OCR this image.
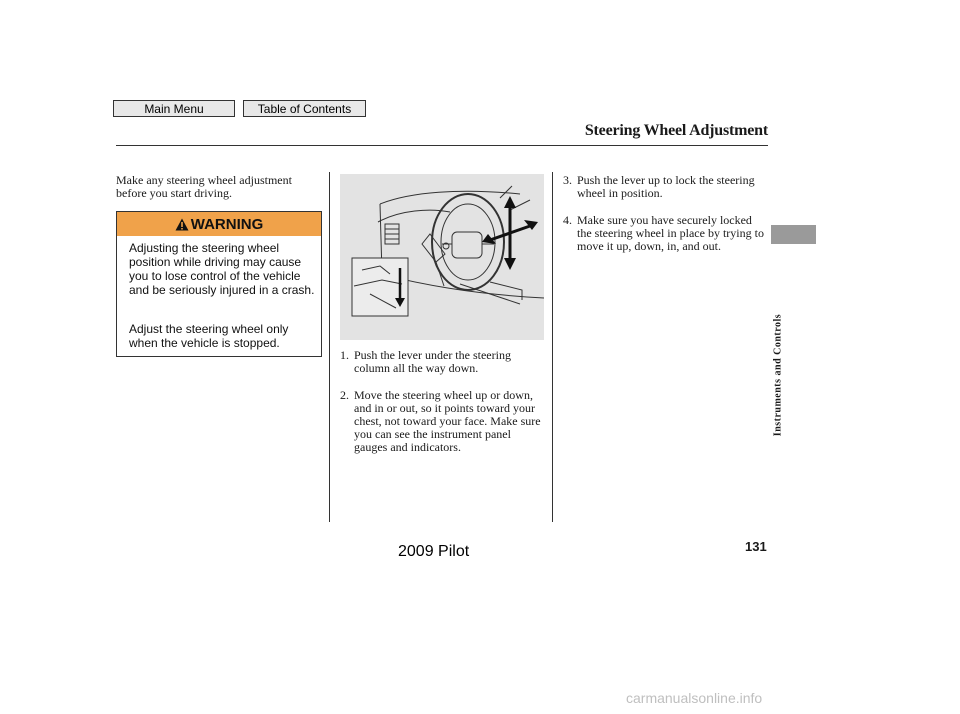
Main Menu	Table of Contents
Steering Wheel Adjustment
Instruments and Controls
Make any steering wheel adjustment before you start driving.
WARNING
Adjusting the steering wheel position while driving may cause you to lose control of the vehicle and be seriously injured in a crash.
Adjust the steering wheel only when the vehicle is stopped.
1. Push the lever under the steering column all the way down.
2. Move the steering wheel up or down, and in or out, so it points toward your chest, not toward your face. Make sure you can see the instrument panel gauges and indicators.
3. Push the lever up to lock the steering wheel in position.
4. Make sure you have securely locked the steering wheel in place by trying to move it up, down, in, and out.
2009 Pilot	131
carmanualsonline.info
